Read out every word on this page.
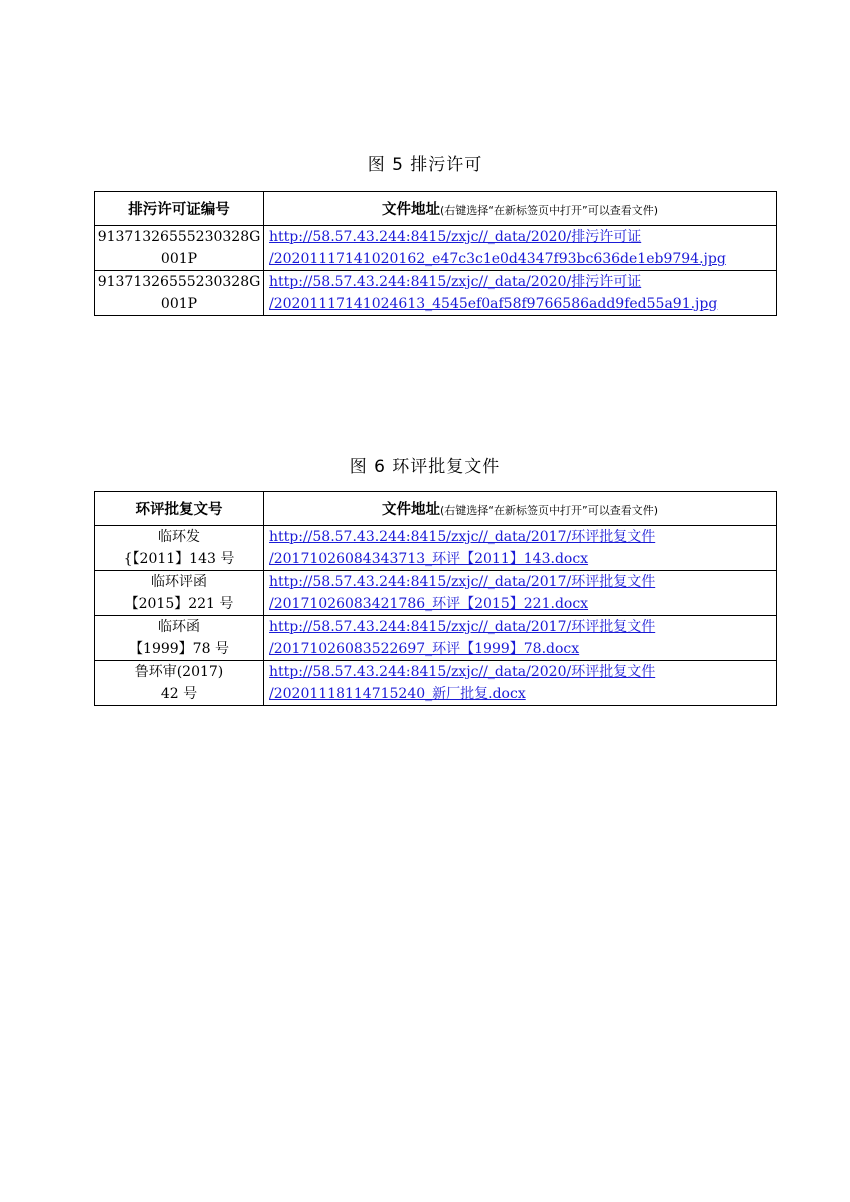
图 5 排污许可
排污许可证编号	文件地址(右键选择“在新标签页中打开”可以查看文件)

91371326555230328G
001P	http://58.57.43.244:8415/zxjc//_data/2020/排污许可证
/20201117141020162_e47c3c1e0d4347f93bc636de1eb9794.jpg

91371326555230328G
001P	http://58.57.43.244:8415/zxjc//_data/2020/排污许可证
/20201117141024613_4545ef0af58f9766586add9fed55a91.jpg
图 6 环评批复文件
环评批复文号	文件地址(右键选择“在新标签页中打开”可以查看文件)

临环发
{【2011】143 号	http://58.57.43.244:8415/zxjc//_data/2017/环评批复文件
/20171026084343713_环评【2011】143.docx

临环评函
【2015】221 号	http://58.57.43.244:8415/zxjc//_data/2017/环评批复文件
/20171026083421786_环评【2015】221.docx

临环函
【1999】78 号	http://58.57.43.244:8415/zxjc//_data/2017/环评批复文件
/20171026083522697_环评【1999】78.docx

鲁环审(2017)
42 号	http://58.57.43.244:8415/zxjc//_data/2020/环评批复文件
/20201118114715240_新厂批复.docx
